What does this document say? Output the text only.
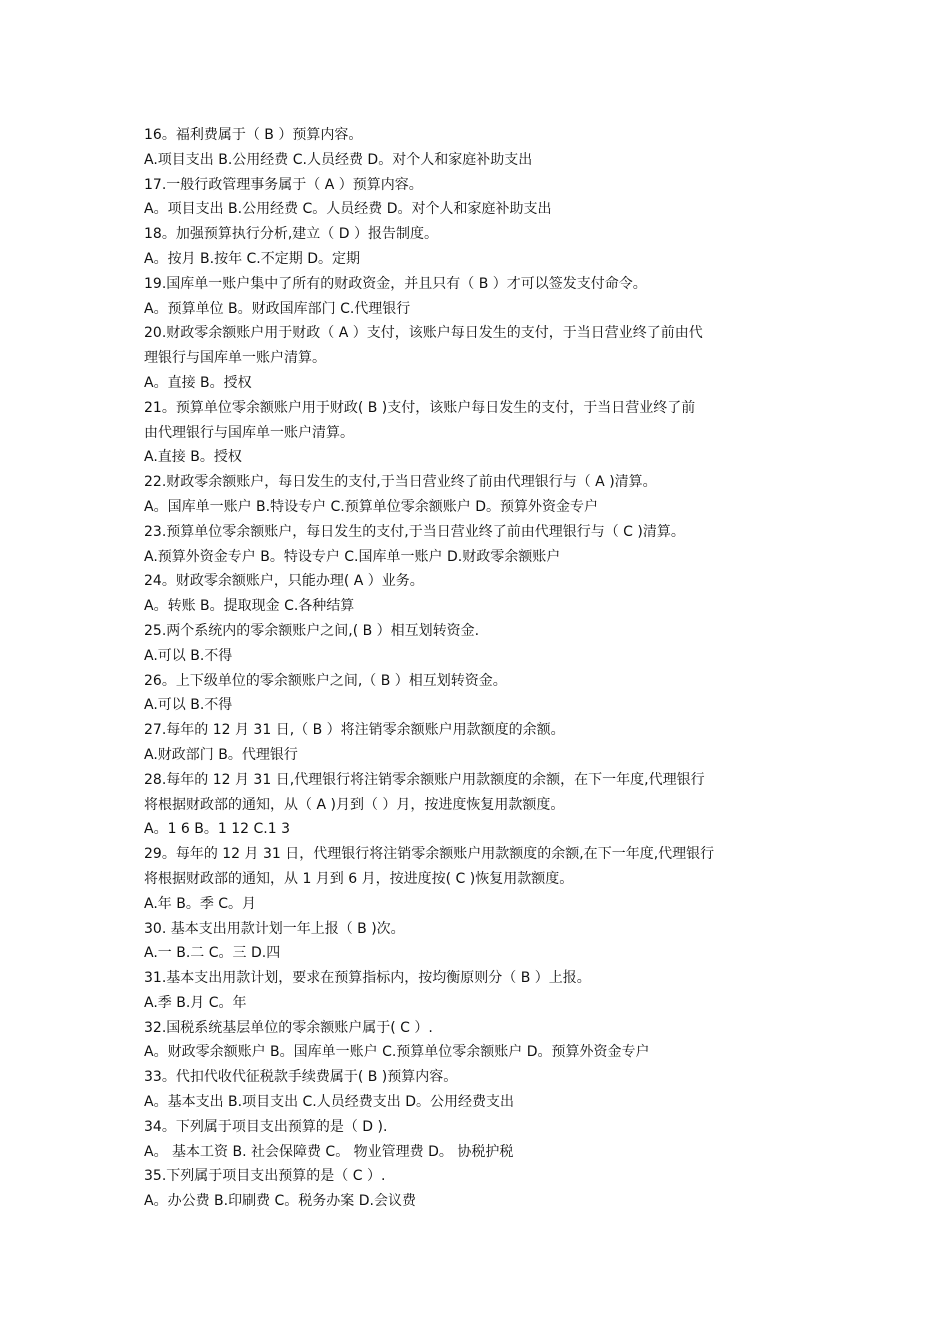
16。福利费属于（ B ）预算内容。
A.项目支出 B.公用经费 C.人员经费 D。对个人和家庭补助支出
17.一般行政管理事务属于（ A ）预算内容。
A。项目支出 B.公用经费 C。人员经费 D。对个人和家庭补助支出
18。加强预算执行分析,建立（ D ）报告制度。
A。按月 B.按年 C.不定期 D。定期
19.国库单一账户集中了所有的财政资金，并且只有（ B ）才可以签发支付命令。
A。预算单位 B。财政国库部门 C.代理银行
20.财政零余额账户用于财政（ A ）支付，该账户每日发生的支付，于当日营业终了前由代
理银行与国库单一账户清算。
A。直接 B。授权
21。预算单位零余额账户用于财政( B )支付，该账户每日发生的支付，于当日营业终了前
由代理银行与国库单一账户清算。
A.直接 B。授权
22.财政零余额账户，每日发生的支付,于当日营业终了前由代理银行与（ A )清算。
A。国库单一账户 B.特设专户 C.预算单位零余额账户 D。预算外资金专户
23.预算单位零余额账户，每日发生的支付,于当日营业终了前由代理银行与（ C )清算。
A.预算外资金专户 B。特设专户 C.国库单一账户 D.财政零余额账户
24。财政零余额账户，只能办理( A ）业务。
A。转账 B。提取现金 C.各种结算
25.两个系统内的零余额账户之间,( B ）相互划转资金.
A.可以 B.不得
26。上下级单位的零余额账户之间,（ B ）相互划转资金。
A.可以 B.不得
27.每年的 12 月 31 日,（ B ）将注销零余额账户用款额度的余额。
A.财政部门 B。代理银行
28.每年的 12 月 31 日,代理银行将注销零余额账户用款额度的余额，在下一年度,代理银行
将根据财政部的通知，从（ A )月到（ ）月，按进度恢复用款额度。
A。1 6 B。1 12 C.1 3
29。每年的 12 月 31 日，代理银行将注销零余额账户用款额度的余额,在下一年度,代理银行
将根据财政部的通知，从 1 月到 6 月，按进度按( C )恢复用款额度。
A.年 B。季 C。月
30. 基本支出用款计划一年上报（ B )次。
A.一 B.二 C。三 D.四
31.基本支出用款计划，要求在预算指标内，按均衡原则分（ B ）上报。
A.季 B.月 C。年
32.国税系统基层单位的零余额账户属于( C ）.
A。财政零余额账户 B。国库单一账户 C.预算单位零余额账户 D。预算外资金专户
33。代扣代收代征税款手续费属于( B )预算内容。
A。基本支出 B.项目支出 C.人员经费支出 D。公用经费支出
34。下列属于项目支出预算的是（ D ).
A。 基本工资 B. 社会保障费 C。 物业管理费 D。 协税护税
35.下列属于项目支出预算的是（ C ）.
A。办公费 B.印刷费 C。税务办案 D.会议费
